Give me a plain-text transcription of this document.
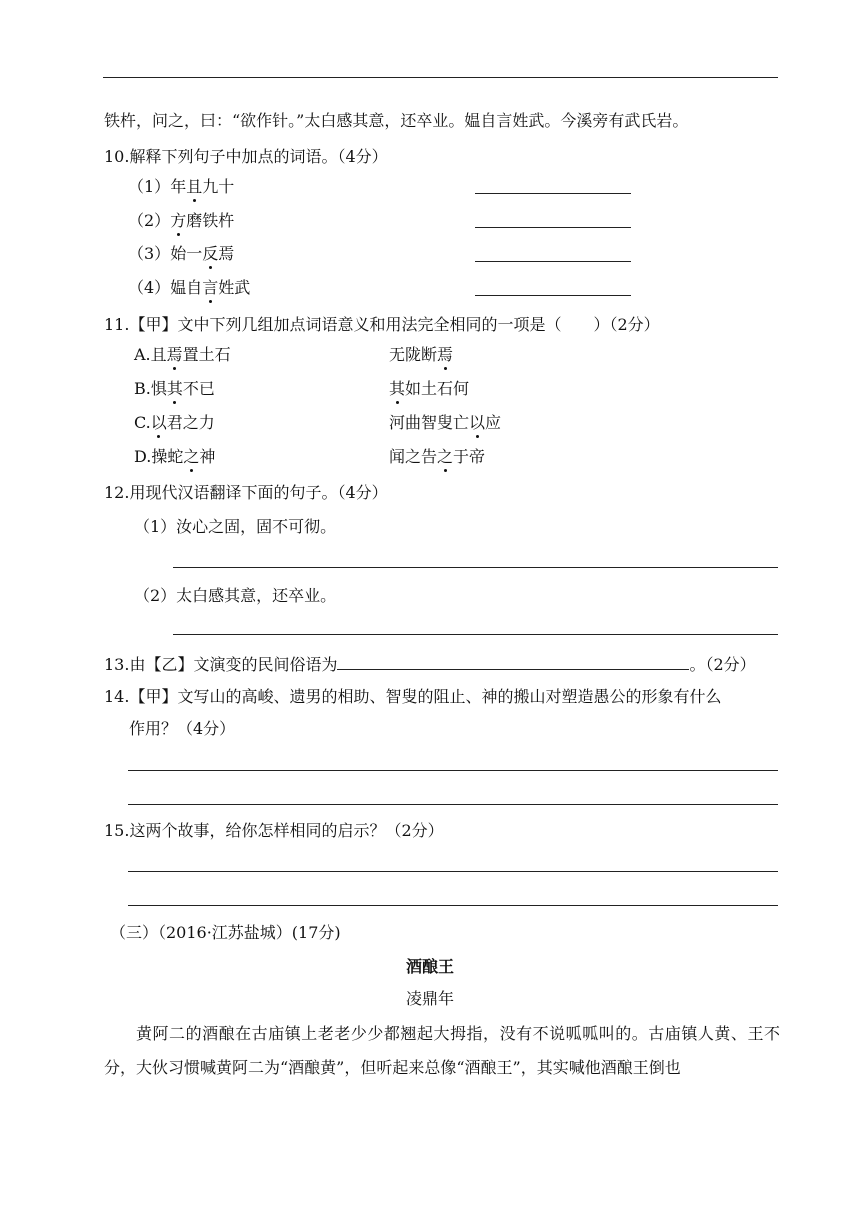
铁杵，问之，曰：“欲作针。”太白感其意，还卒业。媪自言姓武。今溪旁有武氏岩。
10.解释下列句子中加点的词语。（4分）
（1）年且九十
（2）方磨铁杵
（3）始一反焉
（4）媪自言姓武
11.【甲】文中下列几组加点词语意义和用法完全相同的一项是（　　）（2分）
A.且焉置土石	无陇断焉
B.惧其不已	其如土石何
C.以君之力	河曲智叟亡以应
D.操蛇之神	闻之告之于帝
12.用现代汉语翻译下面的句子。（4分）
（1）汝心之固，固不可彻。
（2）太白感其意，还卒业。
13.由【乙】文演变的民间俗语为	。（2分）
14.【甲】文写山的高峻、遗男的相助、智叟的阻止、神的搬山对塑造愚公的形象有什么
作用？（4分）
15.这两个故事，给你怎样相同的启示？（2分）
（三）（2016·江苏盐城）(17分)
酒酿王
凌鼎年
黄阿二的酒酿在古庙镇上老老少少都翘起大拇指，没有不说呱呱叫的。古庙镇人黄、王不分，大伙习惯喊黄阿二为“酒酿黄”，但听起来总像“酒酿王”，其实喊他酒酿王倒也
